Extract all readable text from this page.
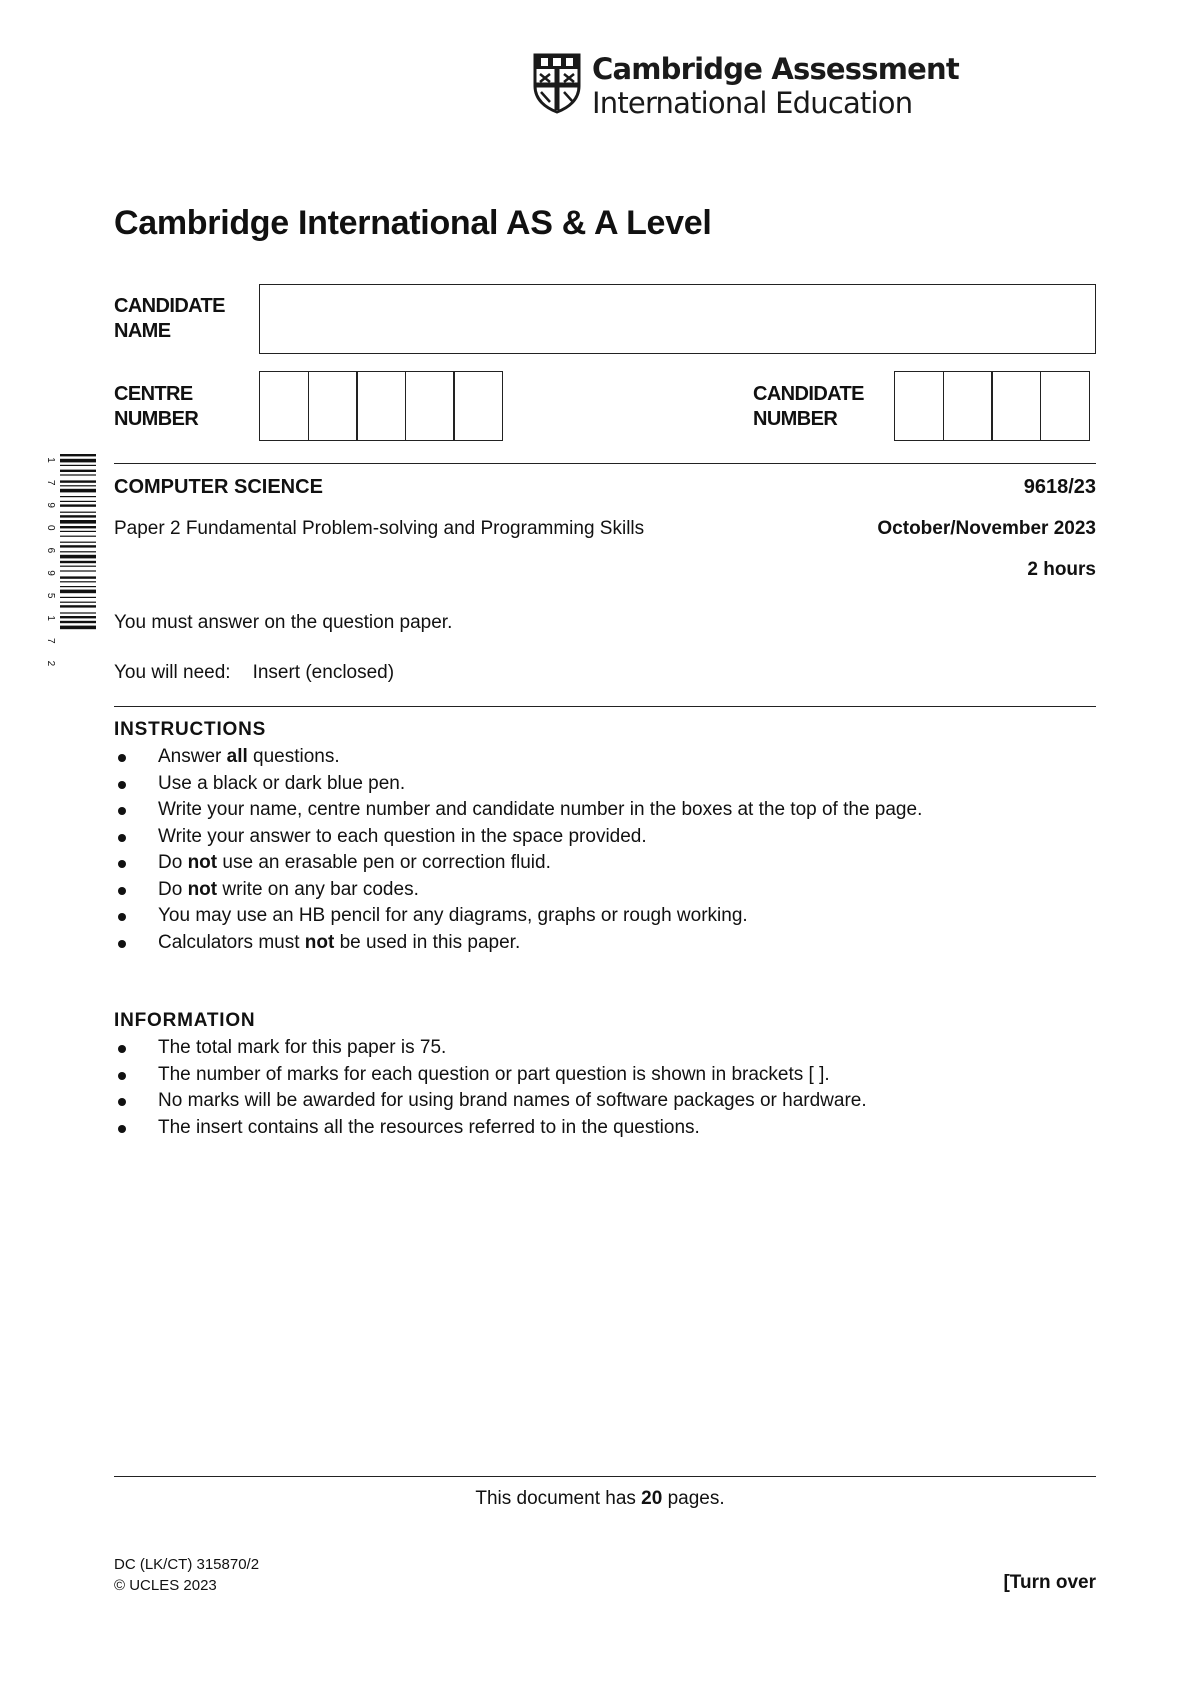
Cambridge Assessment
International Education
Cambridge International AS & A Level
CANDIDATE
NAME
CENTRE
NUMBER
CANDIDATE
NUMBER
1
7
9
0
6
9
5
1
7
2
COMPUTER SCIENCE	9618/23
Paper 2 Fundamental Problem-solving and Programming Skills	October/November 2023
2 hours
You must answer on the question paper.
You will need: Insert (enclosed)
INSTRUCTIONS
Answer all questions.
Use a black or dark blue pen.
Write your name, centre number and candidate number in the boxes at the top of the page.
Write your answer to each question in the space provided.
Do not use an erasable pen or correction fluid.
Do not write on any bar codes.
You may use an HB pencil for any diagrams, graphs or rough working.
Calculators must not be used in this paper.
INFORMATION
The total mark for this paper is 75.
The number of marks for each question or part question is shown in brackets [ ].
No marks will be awarded for using brand names of software packages or hardware.
The insert contains all the resources referred to in the questions.
This document has 20 pages.
DC (LK/CT) 315870/2
© UCLES 2023	[Turn over
